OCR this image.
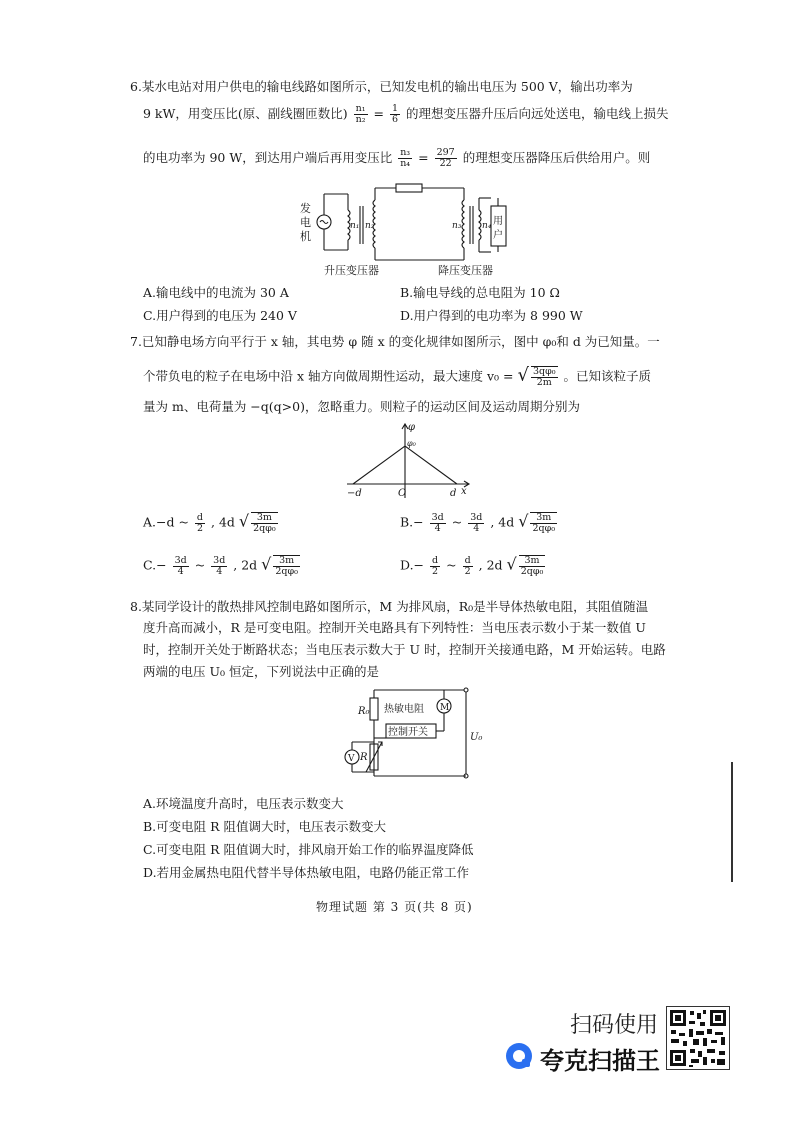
6.某水电站对用户供电的输电线路如图所示，已知发电机的输出电压为 500 V，输出功率为
9 kW，用变压比(原、副线圈匝数比) $\frac{\text{n₁}}{\text{n₂}} = \frac{1}{6}$ 的理想变压器升压后向远处送电，输电线上损失
的电功率为 90 W，到达用户端后再用变压比 $\frac{\text{n₃}}{\text{n₄}} = \frac{297}{22}$ 的理想变压器降压后供给用户。则
发
电
机
用
户
n₁ n₂	n₃ n₄
升压变压器	降压变压器
A.输电线中的电流为 30 A	B.输电导线的总电阻为 10 Ω
C.用户得到的电压为 240 V	D.用户得到的电功率为 8 990 W
7.已知静电场方向平行于 x 轴，其电势 φ 随 x 的变化规律如图所示，图中 φ₀和 d 为已知量。一
个带负电的粒子在电场中沿 x 轴方向做周期性运动，最大速度 v₀ = √ $\frac{\text{3qφ₀}}{2m}$ 。已知该粒子质
量为 m、电荷量为 −q(q>0)，忽略重力。则粒子的运动区间及运动周期分别为
φ
φ₀
−d	O	d x
A.−d ~ $\frac{d}{2}$ , 4d √ $\frac{3m}{\text{2qφ₀}}$	$B.- \frac{3d}{4}$ ~ $\frac{3d}{4}$ , 4d √ $\frac{3m}{\text{2qφ₀}}$
$C.- \frac{3d}{4}$ ~ $\frac{3d}{4}$ , 2d √ $\frac{3m}{\text{2qφ₀}}$	$D.- \frac{d}{2}$ ~ $\frac{d}{2}$ , 2d √ $\frac{3m}{\text{2qφ₀}}$
8.某同学设计的散热排风控制电路如图所示，M 为排风扇，R₀是半导体热敏电阻，其阻值随温
度升高而减小，R 是可变电阻。控制开关电路具有下列特性：当电压表示数小于某一数值 U
时，控制开关处于断路状态；当电压表示数大于 U 时，控制开关接通电路，M 开始运转。电路
两端的电压 U₀ 恒定，下列说法中正确的是
R₀ 热敏电阻 M
控制开关	U₀
V R
A.环境温度升高时，电压表示数变大
B.可变电阻 R 阻值调大时，电压表示数变大
C.可变电阻 R 阻值调大时，排风扇开始工作的临界温度降低
D.若用金属热电阻代替半导体热敏电阻，电路仍能正常工作
物理试题 第 3 页(共 8 页)
扫码使用
夸克扫描王
